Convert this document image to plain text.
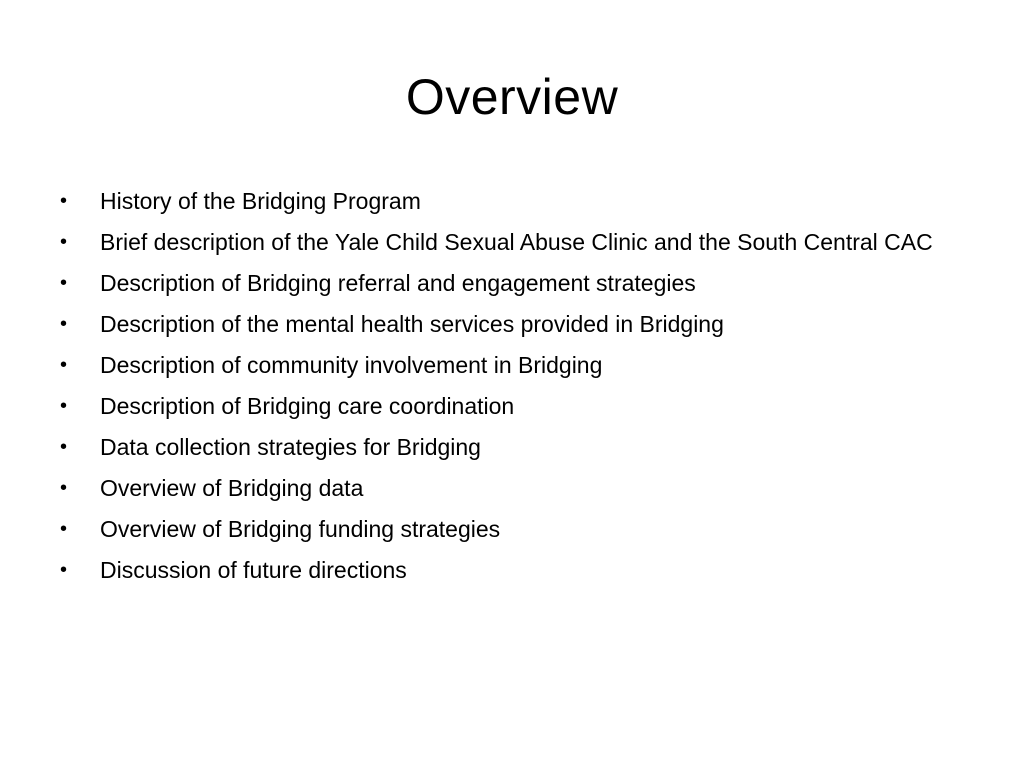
Overview
•	History of the Bridging Program
•	Brief description of the Yale Child Sexual Abuse Clinic and the South Central CAC
•	Description of Bridging referral and engagement strategies
•	Description of the mental health services provided in Bridging
•	Description of community involvement in Bridging
•	Description of Bridging care coordination
•	Data collection strategies for Bridging
•	Overview of Bridging data
•	Overview of Bridging funding strategies
•	Discussion of future directions
